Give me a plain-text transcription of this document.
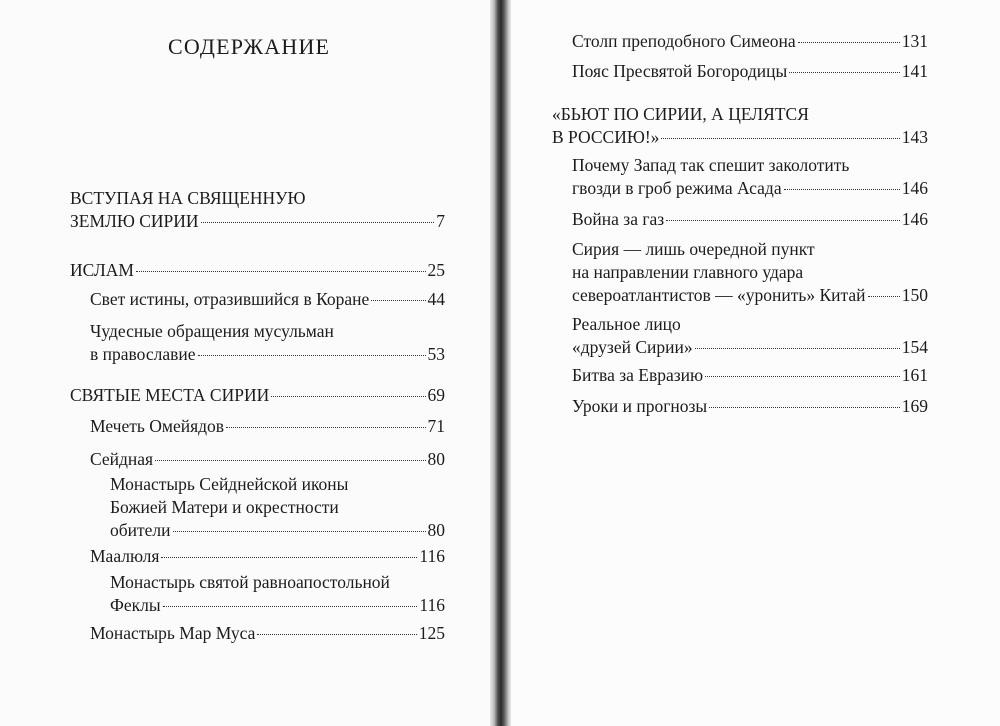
СОДЕРЖАНИЕ
ВСТУПАЯ НА СВЯЩЕННУЮ
ЗЕМЛЮ СИРИИ	7
ИСЛАМ	25
Свет истины, отразившийся в Коране	44
Чудесные обращения мусульман
в православие	53
СВЯТЫЕ МЕСТА СИРИИ	69
Мечеть Омейядов	71
Сейдная	80
Монастырь Сейднейской иконы
Божией Матери и окрестности
обители	80
Маалюля	116
Монастырь святой равноапостольной
Феклы	116
Монастырь Мар Муса	125
Столп преподобного Симеона	131
Пояс Пресвятой Богородицы	141
«БЬЮТ ПО СИРИИ, А ЦЕЛЯТСЯ
В РОССИЮ!»	143
Почему Запад так спешит заколотить
гвозди в гроб режима Асада	146
Война за газ	146
Сирия — лишь очередной пункт
на направлении главного удара
североатлантистов — «уронить» Китай 150
Реальное лицо
«друзей Сирии»	154
Битва за Евразию	161
Уроки и прогнозы	169
